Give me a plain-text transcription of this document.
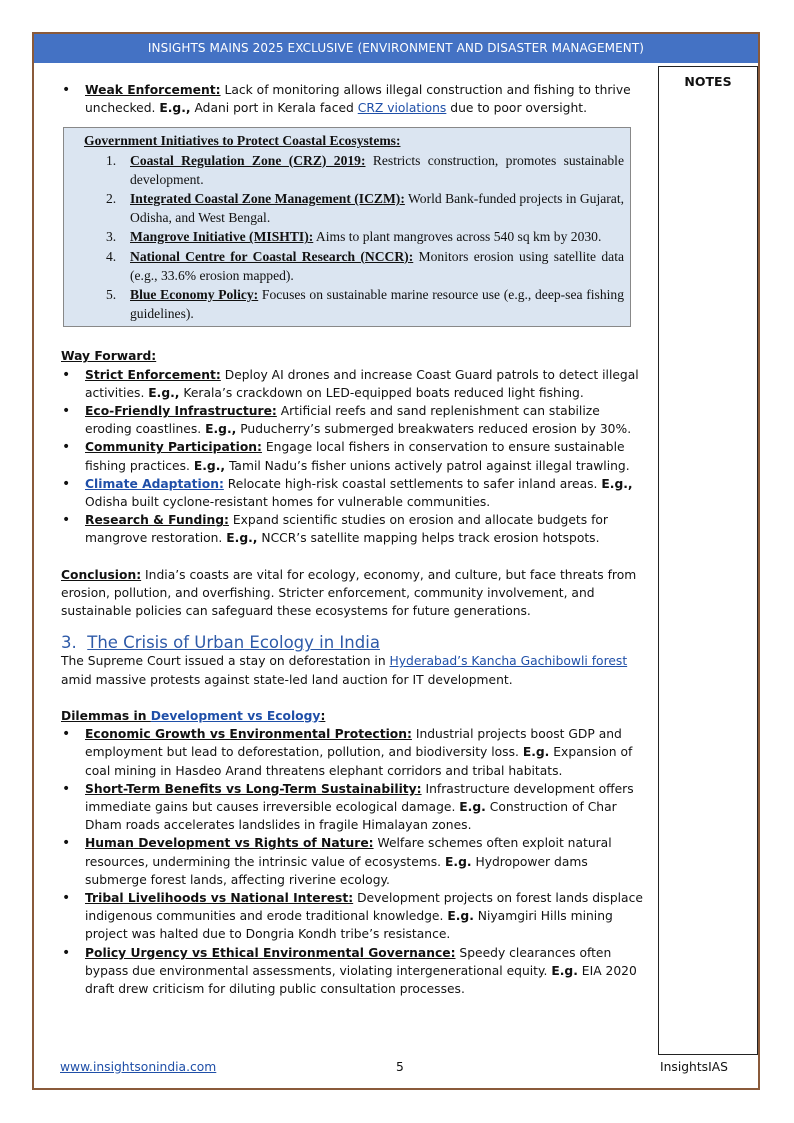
INSIGHTS MAINS 2025 EXCLUSIVE (ENVIRONMENT AND DISASTER MANAGEMENT)
NOTES
• Weak Enforcement: Lack of monitoring allows illegal construction and fishing to thrive unchecked. E.g., Adani port in Kerala faced CRZ violations due to poor oversight.
Government Initiatives to Protect Coastal Ecosystems:
1. Coastal Regulation Zone (CRZ) 2019: Restricts construction, promotes sustainable development.
2. Integrated Coastal Zone Management (ICZM): World Bank-funded projects in Gujarat, Odisha, and West Bengal.
3. Mangrove Initiative (MISHTI): Aims to plant mangroves across 540 sq km by 2030.
4. National Centre for Coastal Research (NCCR): Monitors erosion using satellite data (e.g., 33.6% erosion mapped).
5. Blue Economy Policy: Focuses on sustainable marine resource use (e.g., deep-sea fishing guidelines).
Way Forward:
• Strict Enforcement: Deploy AI drones and increase Coast Guard patrols to detect illegal activities. E.g., Kerala’s crackdown on LED-equipped boats reduced light fishing.
• Eco-Friendly Infrastructure: Artificial reefs and sand replenishment can stabilize eroding coastlines. E.g., Puducherry’s submerged breakwaters reduced erosion by 30%.
• Community Participation: Engage local fishers in conservation to ensure sustainable fishing practices. E.g., Tamil Nadu’s fisher unions actively patrol against illegal trawling.
• Climate Adaptation: Relocate high-risk coastal settlements to safer inland areas. E.g., Odisha built cyclone-resistant homes for vulnerable communities.
• Research & Funding: Expand scientific studies on erosion and allocate budgets for mangrove restoration. E.g., NCCR’s satellite mapping helps track erosion hotspots.
Conclusion: India’s coasts are vital for ecology, economy, and culture, but face threats from erosion, pollution, and overfishing. Stricter enforcement, community involvement, and sustainable policies can safeguard these ecosystems for future generations.
3. The Crisis of Urban Ecology in India
The Supreme Court issued a stay on deforestation in Hyderabad’s Kancha Gachibowli forest amid massive protests against state-led land auction for IT development.
Dilemmas in Development vs Ecology:
• Economic Growth vs Environmental Protection: Industrial projects boost GDP and employment but lead to deforestation, pollution, and biodiversity loss. E.g. Expansion of coal mining in Hasdeo Arand threatens elephant corridors and tribal habitats.
• Short-Term Benefits vs Long-Term Sustainability: Infrastructure development offers immediate gains but causes irreversible ecological damage. E.g. Construction of Char Dham roads accelerates landslides in fragile Himalayan zones.
• Human Development vs Rights of Nature: Welfare schemes often exploit natural resources, undermining the intrinsic value of ecosystems. E.g. Hydropower dams submerge forest lands, affecting riverine ecology.
• Tribal Livelihoods vs National Interest: Development projects on forest lands displace indigenous communities and erode traditional knowledge. E.g. Niyamgiri Hills mining project was halted due to Dongria Kondh tribe’s resistance.
• Policy Urgency vs Ethical Environmental Governance: Speedy clearances often bypass due environmental assessments, violating intergenerational equity. E.g. EIA 2020 draft drew criticism for diluting public consultation processes.
www.insightsonindia.com	5	InsightsIAS
